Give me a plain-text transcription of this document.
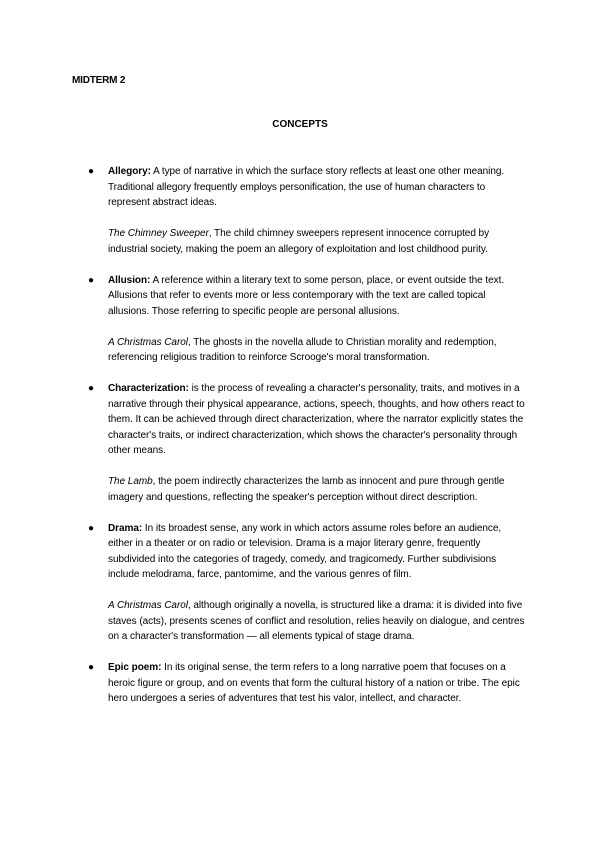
MIDTERM 2
CONCEPTS
● Allegory: A type of narrative in which the surface story reflects at least one other meaning. Traditional allegory frequently employs personification, the use of human characters to represent abstract ideas.

The Chimney Sweeper, The child chimney sweepers represent innocence corrupted by industrial society, making the poem an allegory of exploitation and lost childhood purity.

● Allusion: A reference within a literary text to some person, place, or event outside the text. Allusions that refer to events more or less contemporary with the text are called topical allusions. Those referring to specific people are personal allusions.

A Christmas Carol, The ghosts in the novella allude to Christian morality and redemption, referencing religious tradition to reinforce Scrooge's moral transformation.

● Characterization: is the process of revealing a character's personality, traits, and motives in a narrative through their physical appearance, actions, speech, thoughts, and how others react to them. It can be achieved through direct characterization, where the narrator explicitly states the character's traits, or indirect characterization, which shows the character's personality through other means.

The Lamb, the poem indirectly characterizes the lamb as innocent and pure through gentle imagery and questions, reflecting the speaker's perception without direct description.

● Drama: In its broadest sense, any work in which actors assume roles before an audience, either in a theater or on radio or television. Drama is a major literary genre, frequently subdivided into the categories of tragedy, comedy, and tragicomedy. Further subdivisions include melodrama, farce, pantomime, and the various genres of film.

A Christmas Carol, although originally a novella, is structured like a drama: it is divided into five staves (acts), presents scenes of conflict and resolution, relies heavily on dialogue, and centres on a character's transformation — all elements typical of stage drama.

● Epic poem: In its original sense, the term refers to a long narrative poem that focuses on a heroic figure or group, and on events that form the cultural history of a nation or tribe. The epic hero undergoes a series of adventures that test his valor, intellect, and character.
